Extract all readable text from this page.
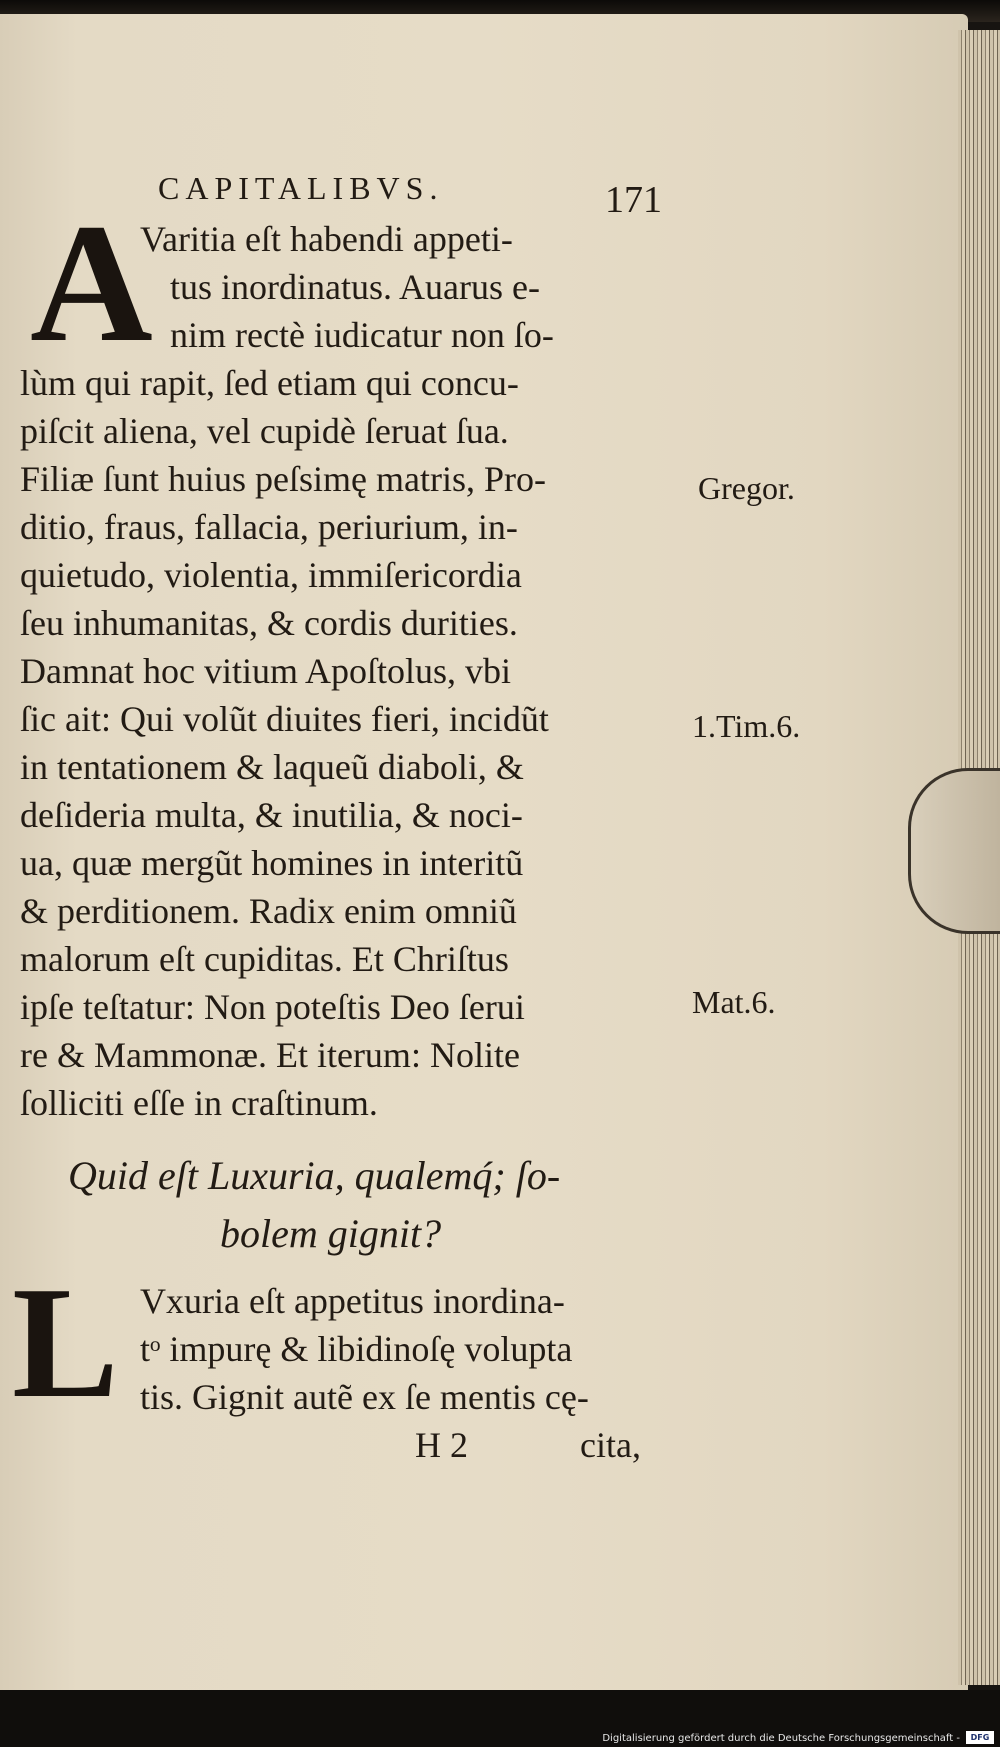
CAPITALIBVS.	171
A
Varitia eſt habendi appeti-
tus inordinatus. Auarus e-
nim rectè iudicatur non ſo-
lùm qui rapit, ſed etiam qui concu-
piſcit aliena, vel cupidè ſeruat ſua.
Filiæ ſunt huius peſsimę matris, Pro-
ditio, fraus, fallacia, periurium, in-
quietudo, violentia, immiſericordia
ſeu inhumanitas, & cordis durities.
Damnat hoc vitium Apoſtolus, vbi
ſic ait: Qui volũt diuites fieri, incidũt
in tentationem & laqueũ diaboli, &
deſideria multa, & inutilia, & noci-
ua, quæ mergũt homines in interitũ
& perditionem. Radix enim omniũ
malorum eſt cupiditas. Et Chriſtus
ipſe teſtatur: Non poteſtis Deo ſerui
re & Mammonæ. Et iterum: Nolite
ſolliciti eſſe in craſtinum.
Gregor.
1.Tim.6.
Mat.6.
Quid eſt Luxuria, qualemq́; ſo-
bolem gignit?
L Vxuria eſt appetitus inordina-
tᵒ impurę & libidinoſę volupta
tis. Gignit autẽ ex ſe mentis cę-
H 2	cita,
Digitalisierung gefördert durch die Deutsche Forschungsgemeinschaft -	DFG
